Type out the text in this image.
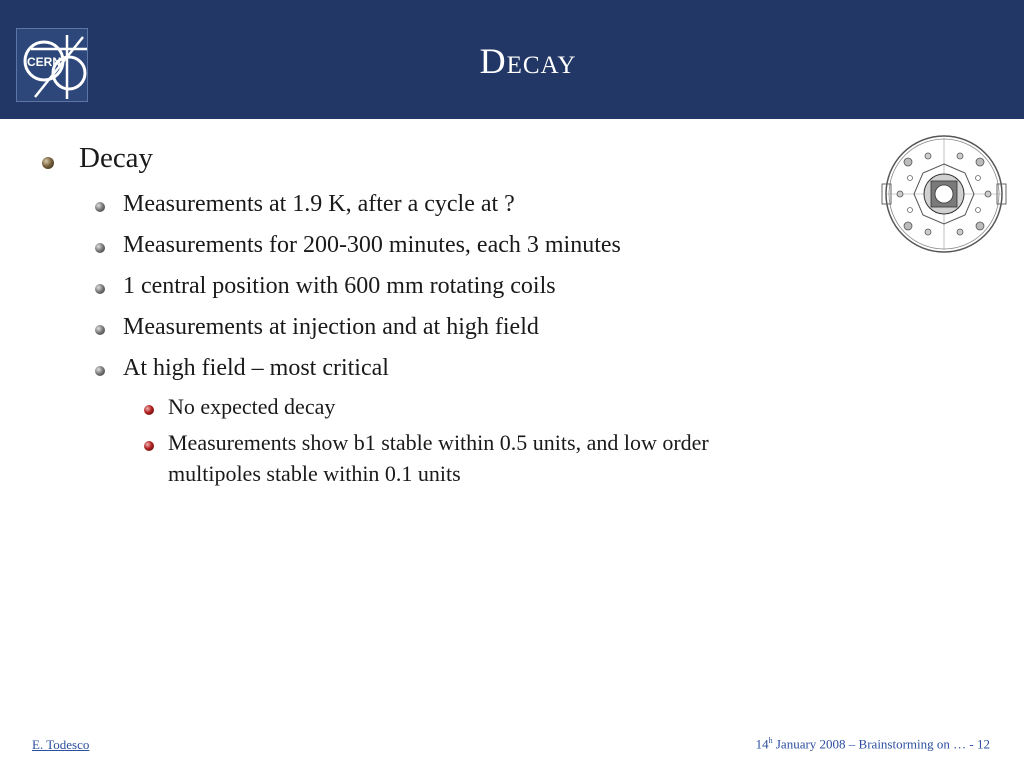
CERN	Decay
Decay
Measurements at 1.9 K, after a cycle at ?
Measurements for 200-300 minutes, each 3 minutes
1 central position with 600 mm rotating coils
Measurements at injection and at high field
At high field – most critical
No expected decay
Measurements show b1 stable within 0.5 units, and low order
multipoles stable within 0.1 units
E. Todesco	14$^h$ January 2008 – Brainstorming on … - 12
